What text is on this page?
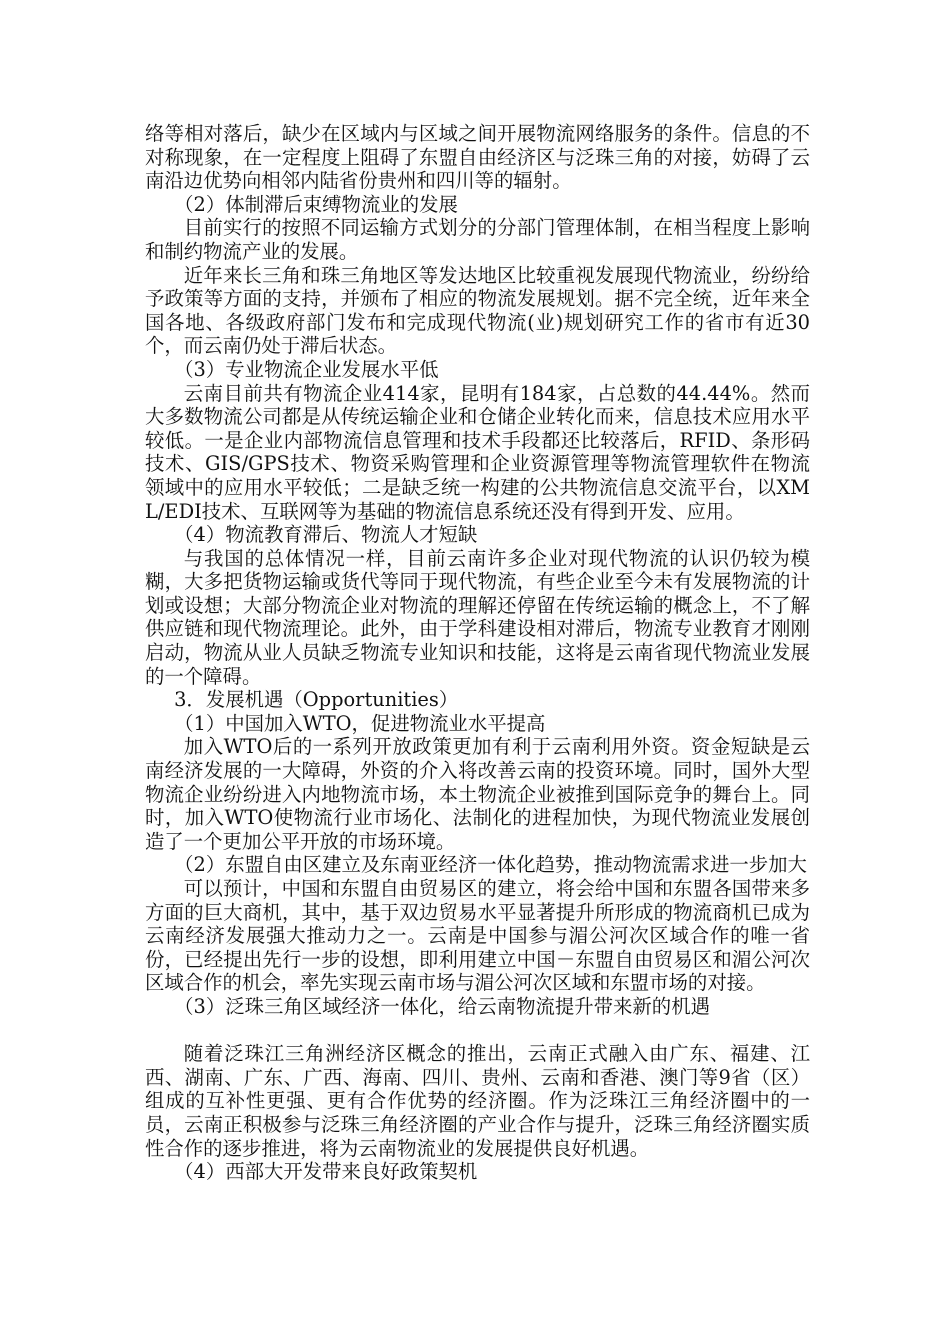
络等相对落后，缺少在区域内与区域之间开展物流网络服务的条件。信息的不对称现象，在一定程度上阻碍了东盟自由经济区与泛珠三角的对接，妨碍了云南沿边优势向相邻内陆省份贵州和四川等的辐射。

（2）体制滞后束缚物流业的发展

目前实行的按照不同运输方式划分的分部门管理体制，在相当程度上影响和制约物流产业的发展。

近年来长三角和珠三角地区等发达地区比较重视发展现代物流业，纷纷给予政策等方面的支持，并颁布了相应的物流发展规划。据不完全统，近年来全国各地、各级政府部门发布和完成现代物流(业)规划研究工作的省市有近30个，而云南仍处于滞后状态。

（3）专业物流企业发展水平低

云南目前共有物流企业414家，昆明有184家，占总数的44.44%。然而大多数物流公司都是从传统运输企业和仓储企业转化而来，信息技术应用水平较低。一是企业内部物流信息管理和技术手段都还比较落后，RFID、条形码技术、GIS/GPS技术、物资采购管理和企业资源管理等物流管理软件在物流领域中的应用水平较低；二是缺乏统一构建的公共物流信息交流平台，以XML/EDI技术、互联网等为基础的物流信息系统还没有得到开发、应用。

（4）物流教育滞后、物流人才短缺

与我国的总体情况一样，目前云南许多企业对现代物流的认识仍较为模糊，大多把货物运输或货代等同于现代物流，有些企业至今未有发展物流的计划或设想；大部分物流企业对物流的理解还停留在传统运输的概念上，不了解供应链和现代物流理论。此外，由于学科建设相对滞后，物流专业教育才刚刚启动，物流从业人员缺乏物流专业知识和技能，这将是云南省现代物流业发展的一个障碍。

3．发展机遇（Opportunities）

（1）中国加入WTO，促进物流业水平提高

加入WTO后的一系列开放政策更加有利于云南利用外资。资金短缺是云南经济发展的一大障碍，外资的介入将改善云南的投资环境。同时，国外大型物流企业纷纷进入内地物流市场，本土物流企业被推到国际竞争的舞台上。同时，加入WTO使物流行业市场化、法制化的进程加快，为现代物流业发展创造了一个更加公平开放的市场环境。

（2）东盟自由区建立及东南亚经济一体化趋势，推动物流需求进一步加大

可以预计，中国和东盟自由贸易区的建立，将会给中国和东盟各国带来多方面的巨大商机，其中，基于双边贸易水平显著提升所形成的物流商机已成为云南经济发展强大推动力之一。云南是中国参与湄公河次区域合作的唯一省份，已经提出先行一步的设想，即利用建立中国－东盟自由贸易区和湄公河次区域合作的机会，率先实现云南市场与湄公河次区域和东盟市场的对接。

（3）泛珠三角区域经济一体化，给云南物流提升带来新的机遇

随着泛珠江三角洲经济区概念的推出，云南正式融入由广东、福建、江西、湖南、广东、广西、海南、四川、贵州、云南和香港、澳门等9省（区）组成的互补性更强、更有合作优势的经济圈。作为泛珠江三角经济圈中的一员，云南正积极参与泛珠三角经济圈的产业合作与提升，泛珠三角经济圈实质性合作的逐步推进，将为云南物流业的发展提供良好机遇。

（4）西部大开发带来良好政策契机
